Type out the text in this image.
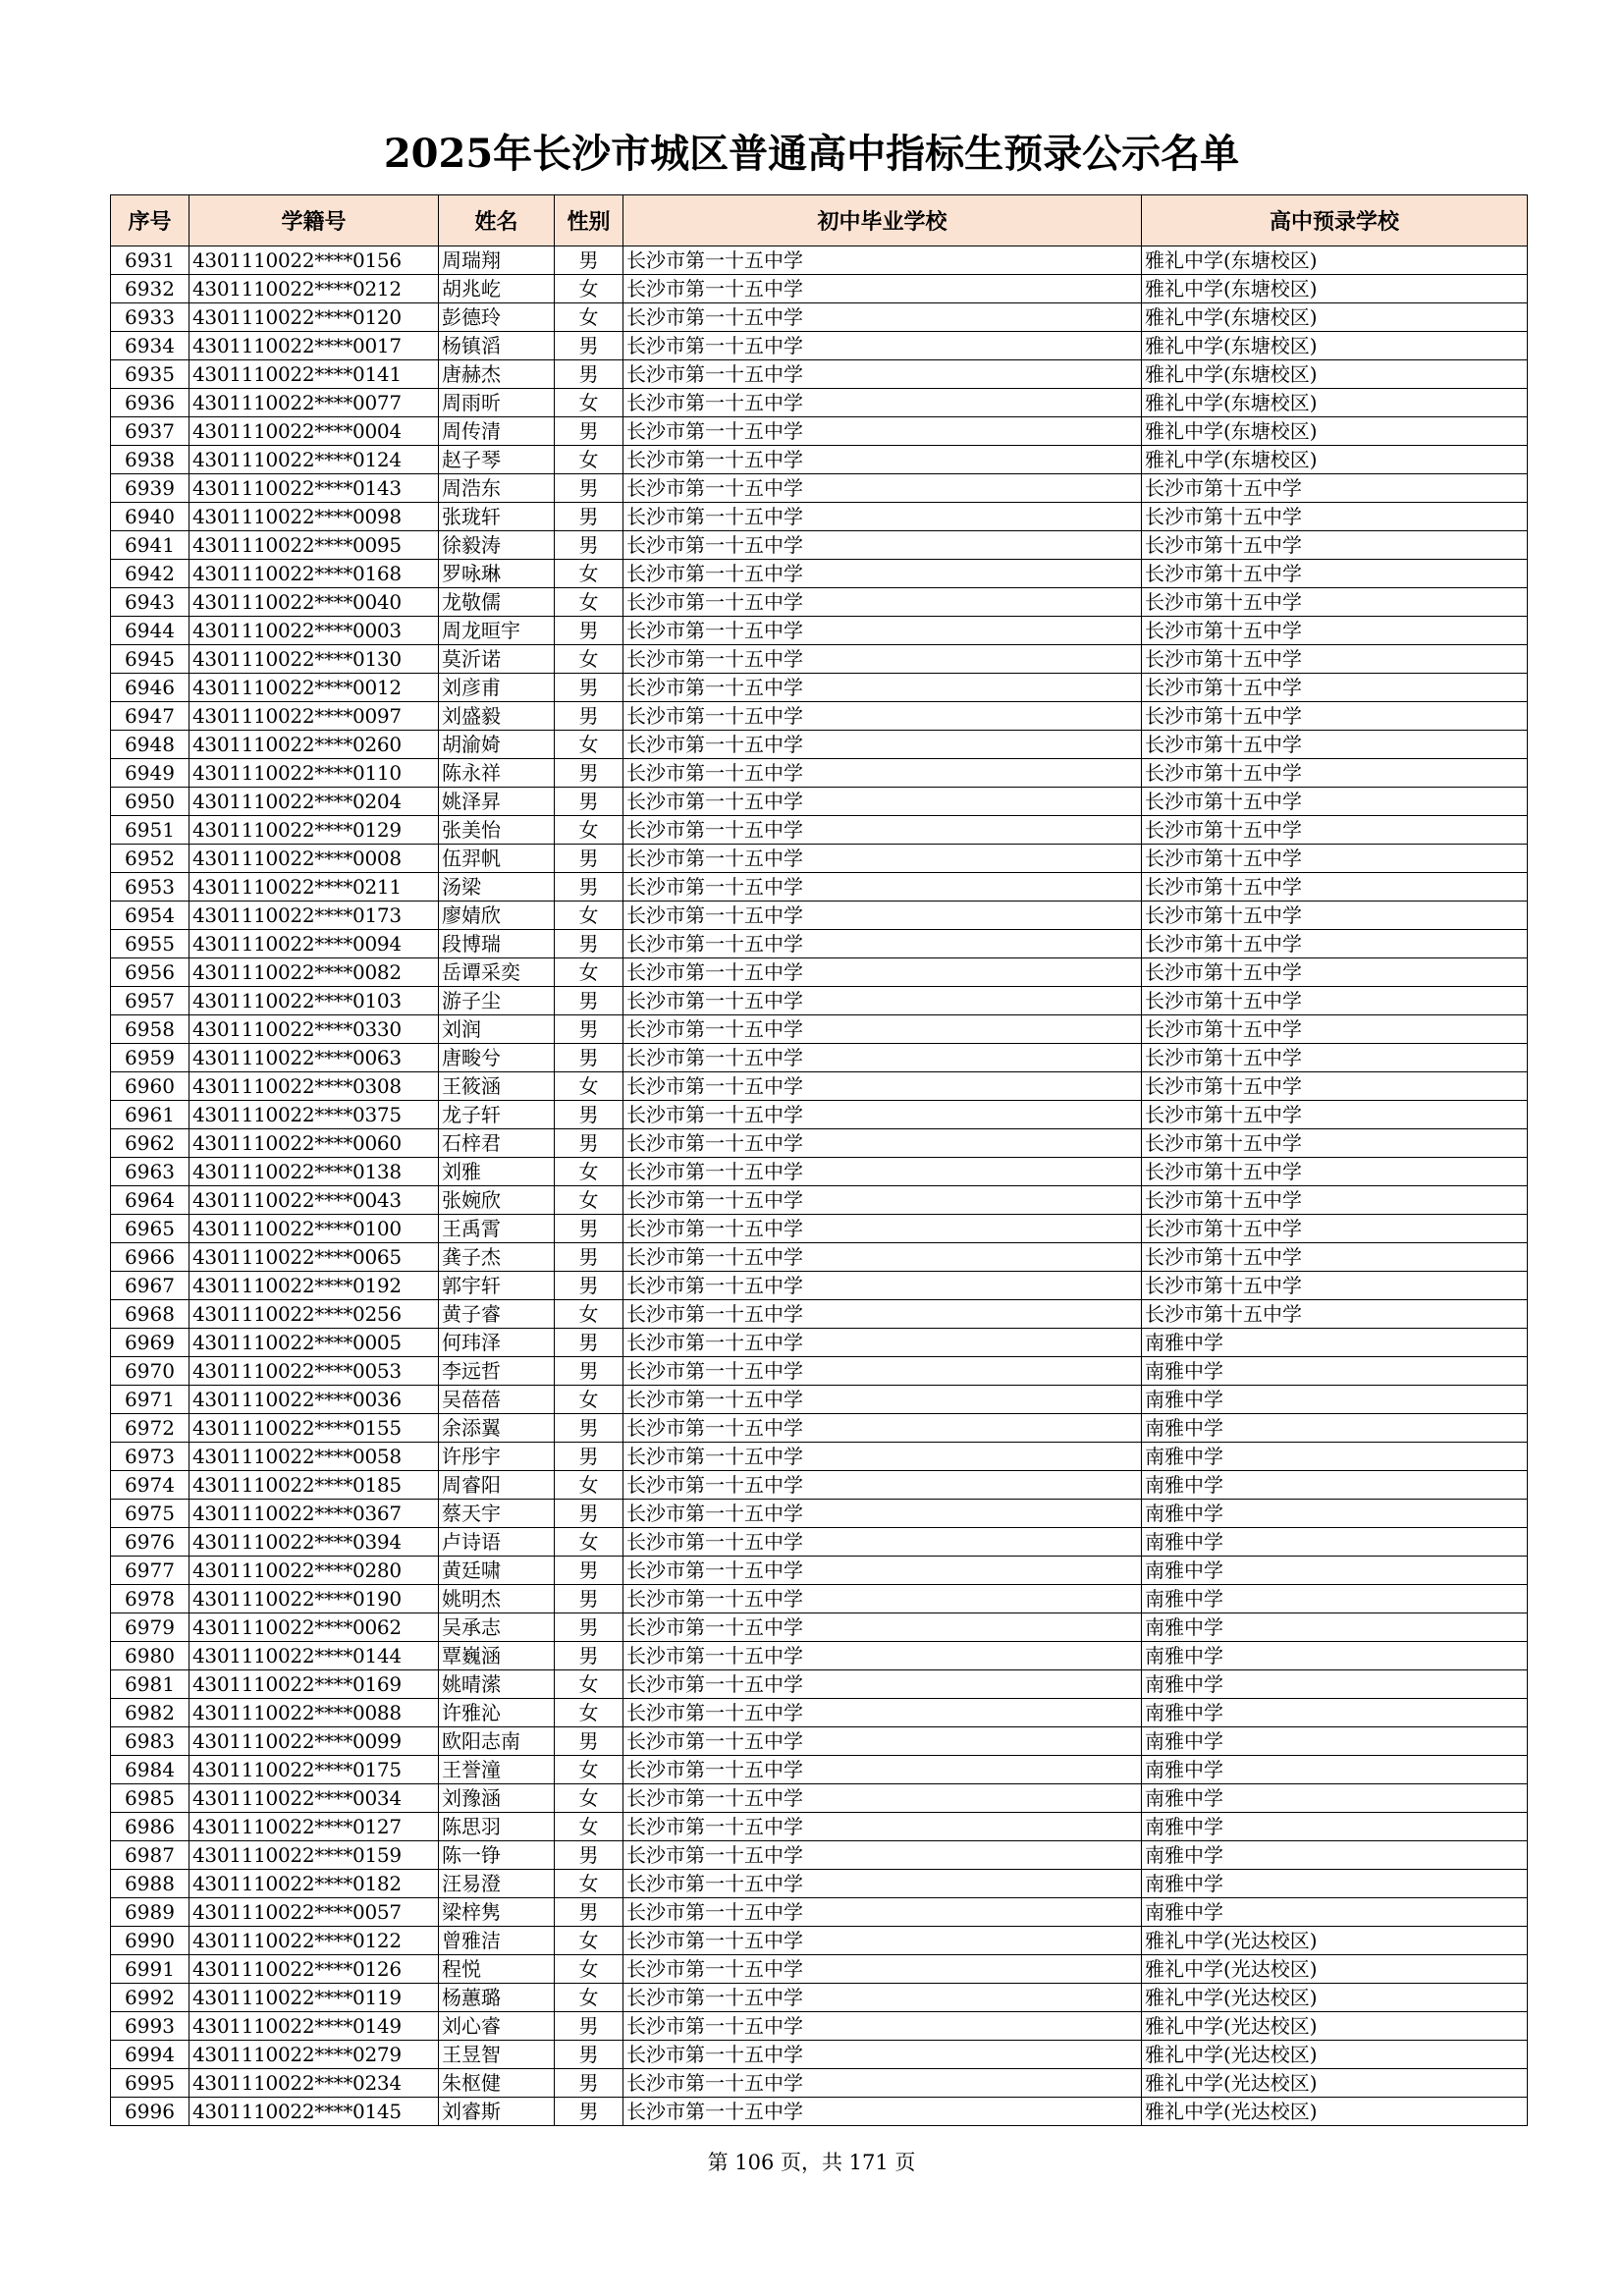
2025年长沙市城区普通高中指标生预录公示名单
序号	学籍号	姓名	性别	初中毕业学校	高中预录学校
6931	4301110022****0156	周瑞翔	男	长沙市第一十五中学	雅礼中学(东塘校区)
6932	4301110022****0212	胡兆屹	女	长沙市第一十五中学	雅礼中学(东塘校区)
6933	4301110022****0120	彭德玲	女	长沙市第一十五中学	雅礼中学(东塘校区)
6934	4301110022****0017	杨镇滔	男	长沙市第一十五中学	雅礼中学(东塘校区)
6935	4301110022****0141	唐赫杰	男	长沙市第一十五中学	雅礼中学(东塘校区)
6936	4301110022****0077	周雨昕	女	长沙市第一十五中学	雅礼中学(东塘校区)
6937	4301110022****0004	周传清	男	长沙市第一十五中学	雅礼中学(东塘校区)
6938	4301110022****0124	赵子琴	女	长沙市第一十五中学	雅礼中学(东塘校区)
6939	4301110022****0143	周浩东	男	长沙市第一十五中学	长沙市第十五中学
6940	4301110022****0098	张珑轩	男	长沙市第一十五中学	长沙市第十五中学
6941	4301110022****0095	徐毅涛	男	长沙市第一十五中学	长沙市第十五中学
6942	4301110022****0168	罗咏琳	女	长沙市第一十五中学	长沙市第十五中学
6943	4301110022****0040	龙敬儒	女	长沙市第一十五中学	长沙市第十五中学
6944	4301110022****0003	周龙晅宇	男	长沙市第一十五中学	长沙市第十五中学
6945	4301110022****0130	莫沂诺	女	长沙市第一十五中学	长沙市第十五中学
6946	4301110022****0012	刘彦甫	男	长沙市第一十五中学	长沙市第十五中学
6947	4301110022****0097	刘盛毅	男	长沙市第一十五中学	长沙市第十五中学
6948	4301110022****0260	胡渝婍	女	长沙市第一十五中学	长沙市第十五中学
6949	4301110022****0110	陈永祥	男	长沙市第一十五中学	长沙市第十五中学
6950	4301110022****0204	姚泽昇	男	长沙市第一十五中学	长沙市第十五中学
6951	4301110022****0129	张美怡	女	长沙市第一十五中学	长沙市第十五中学
6952	4301110022****0008	伍羿帆	男	长沙市第一十五中学	长沙市第十五中学
6953	4301110022****0211	汤梁	男	长沙市第一十五中学	长沙市第十五中学
6954	4301110022****0173	廖婧欣	女	长沙市第一十五中学	长沙市第十五中学
6955	4301110022****0094	段博瑞	男	长沙市第一十五中学	长沙市第十五中学
6956	4301110022****0082	岳谭采奕	女	长沙市第一十五中学	长沙市第十五中学
6957	4301110022****0103	游子尘	男	长沙市第一十五中学	长沙市第十五中学
6958	4301110022****0330	刘润	男	长沙市第一十五中学	长沙市第十五中学
6959	4301110022****0063	唐畯兮	男	长沙市第一十五中学	长沙市第十五中学
6960	4301110022****0308	王筱涵	女	长沙市第一十五中学	长沙市第十五中学
6961	4301110022****0375	龙子轩	男	长沙市第一十五中学	长沙市第十五中学
6962	4301110022****0060	石梓君	男	长沙市第一十五中学	长沙市第十五中学
6963	4301110022****0138	刘雅	女	长沙市第一十五中学	长沙市第十五中学
6964	4301110022****0043	张婉欣	女	长沙市第一十五中学	长沙市第十五中学
6965	4301110022****0100	王禹霄	男	长沙市第一十五中学	长沙市第十五中学
6966	4301110022****0065	龚子杰	男	长沙市第一十五中学	长沙市第十五中学
6967	4301110022****0192	郭宇轩	男	长沙市第一十五中学	长沙市第十五中学
6968	4301110022****0256	黄子睿	女	长沙市第一十五中学	长沙市第十五中学
6969	4301110022****0005	何玮泽	男	长沙市第一十五中学	南雅中学
6970	4301110022****0053	李远哲	男	长沙市第一十五中学	南雅中学
6971	4301110022****0036	吴蓓蓓	女	长沙市第一十五中学	南雅中学
6972	4301110022****0155	余添翼	男	长沙市第一十五中学	南雅中学
6973	4301110022****0058	许彤宇	男	长沙市第一十五中学	南雅中学
6974	4301110022****0185	周睿阳	女	长沙市第一十五中学	南雅中学
6975	4301110022****0367	蔡天宇	男	长沙市第一十五中学	南雅中学
6976	4301110022****0394	卢诗语	女	长沙市第一十五中学	南雅中学
6977	4301110022****0280	黄廷啸	男	长沙市第一十五中学	南雅中学
6978	4301110022****0190	姚明杰	男	长沙市第一十五中学	南雅中学
6979	4301110022****0062	吴承志	男	长沙市第一十五中学	南雅中学
6980	4301110022****0144	覃巍涵	男	长沙市第一十五中学	南雅中学
6981	4301110022****0169	姚晴潆	女	长沙市第一十五中学	南雅中学
6982	4301110022****0088	许雅沁	女	长沙市第一十五中学	南雅中学
6983	4301110022****0099	欧阳志南	男	长沙市第一十五中学	南雅中学
6984	4301110022****0175	王誉潼	女	长沙市第一十五中学	南雅中学
6985	4301110022****0034	刘豫涵	女	长沙市第一十五中学	南雅中学
6986	4301110022****0127	陈思羽	女	长沙市第一十五中学	南雅中学
6987	4301110022****0159	陈一铮	男	长沙市第一十五中学	南雅中学
6988	4301110022****0182	汪易澄	女	长沙市第一十五中学	南雅中学
6989	4301110022****0057	梁梓隽	男	长沙市第一十五中学	南雅中学
6990	4301110022****0122	曾雅洁	女	长沙市第一十五中学	雅礼中学(光达校区)
6991	4301110022****0126	程悦	女	长沙市第一十五中学	雅礼中学(光达校区)
6992	4301110022****0119	杨蕙璐	女	长沙市第一十五中学	雅礼中学(光达校区)
6993	4301110022****0149	刘心睿	男	长沙市第一十五中学	雅礼中学(光达校区)
6994	4301110022****0279	王昱智	男	长沙市第一十五中学	雅礼中学(光达校区)
6995	4301110022****0234	朱枢健	男	长沙市第一十五中学	雅礼中学(光达校区)
6996	4301110022****0145	刘睿斯	男	长沙市第一十五中学	雅礼中学(光达校区)
第 106 页，共 171 页
